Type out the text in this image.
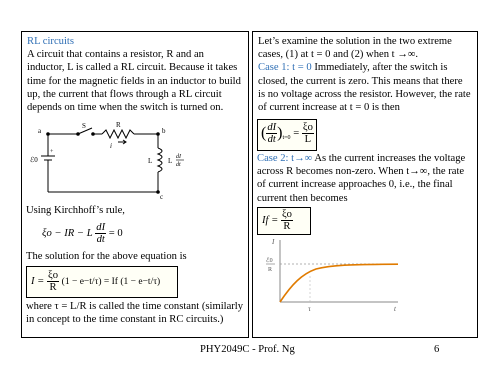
RL circuits

A circuit that contains a resistor, R and an inductor, L is called a RL circuit. Because it takes time for the magnetic fields in an inductor to build up, the current that flows through a RL circuit depends on time when the switch is turned on.

a
S	R
b
i
ℰ0
+
L L dI
dt
c

Using Kirchhoff’s rule,

ξo − IR − L $\frac{dI}{dt} = 0$

The solution for the above equation is

$I = \frac{\xi o}{R} (1 - e-t/\tau) = If$ (1 − e−t/τ)

where τ = L/R is called the time constant (similarly in concept to the time constant in RC circuits.)

Let’s examine the solution in the two extreme cases, (1) at t = 0 and (2) when t →∞.

Case 1: t = 0 Immediately, after the switch is closed, the current is zero. This means that there is no voltage across the resistor. However, the rate of current increase at t = 0 is then

( $\frac{dI}{dt} )_{t=0} = \frac{\xi o}{L}$

Case 2: t→∞ As the current increases the voltage across R becomes non-zero. When t→∞, the rate of current increase approaches 0, i.e., the final current then becomes

$If = \frac{\xi o}{R}$
I
ℰ0
R
τ	t
PHY2049C - Prof. Ng	6
